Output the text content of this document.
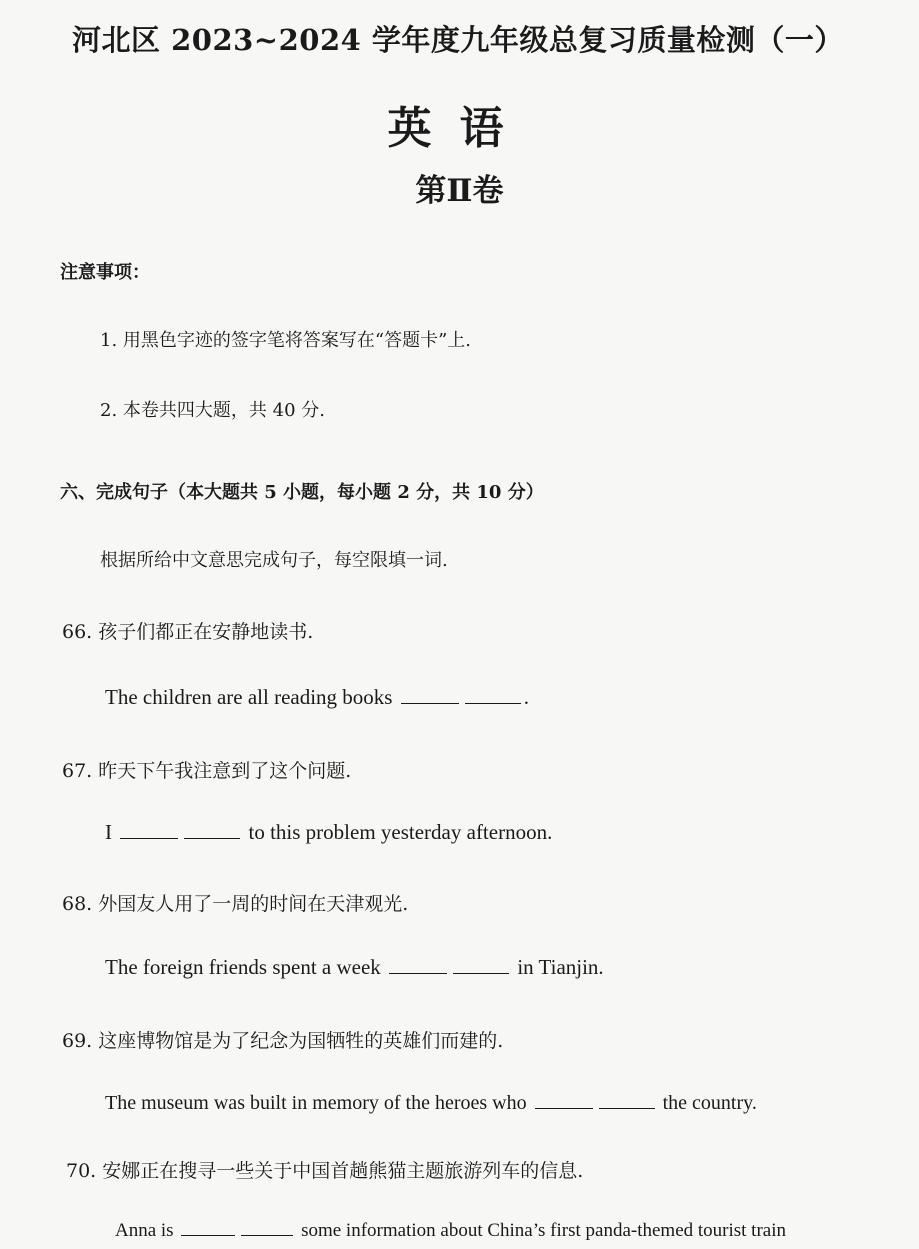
河北区 2023~2024 学年度九年级总复习质量检测（一）
英语
第Ⅱ卷
注意事项：
1. 用黑色字迹的签字笔将答案写在“答题卡”上.
2. 本卷共四大题，共 40 分.
六、完成句子（本大题共 5 小题，每小题 2 分，共 10 分）
根据所给中文意思完成句子，每空限填一词.
66. 孩子们都正在安静地读书.
The children are all reading books	.
67. 昨天下午我注意到了这个问题.
I	to this problem yesterday afternoon.
68. 外国友人用了一周的时间在天津观光.
The foreign friends spent a week	in Tianjin.
69. 这座博物馆是为了纪念为国牺牲的英雄们而建的.
The museum was built in memory of the heroes who	the country.
70. 安娜正在搜寻一些关于中国首趟熊猫主题旅游列车的信息.
Anna is	some information about China’s first panda-themed tourist train
